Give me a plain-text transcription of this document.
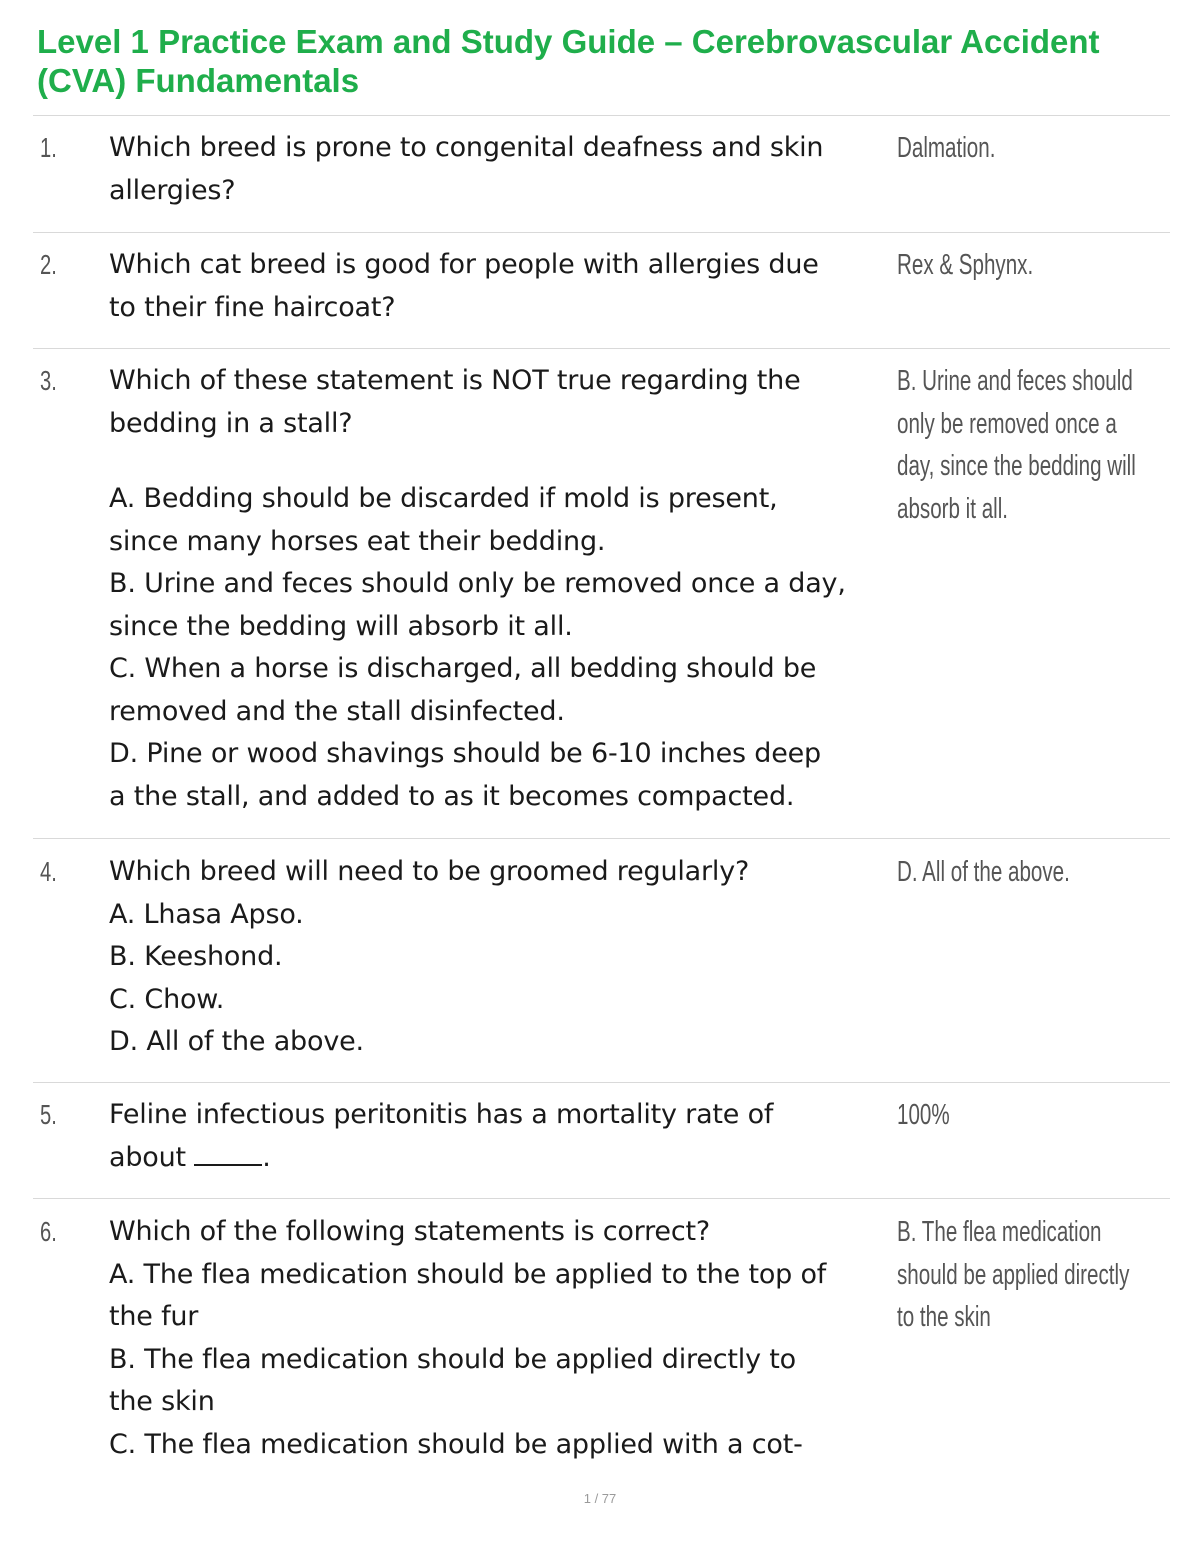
Level 1 Practice Exam and Study Guide – Cerebrovascular Accident (CVA) Fundamentals
1. Which breed is prone to congenital deafness and skin
allergies?
Dalmation.
2. Which cat breed is good for people with allergies due
to their fine haircoat?
Rex & Sphynx.
3. Which of these statement is NOT true regarding the
bedding in a stall?
A. Bedding should be discarded if mold is present,
since many horses eat their bedding.
B. Urine and feces should only be removed once a day,
since the bedding will absorb it all.
C. When a horse is discharged, all bedding should be
removed and the stall disinfected.
D. Pine or wood shavings should be 6-10 inches deep
a the stall, and added to as it becomes compacted.
B. Urine and feces should
only be removed once a
day, since the bedding will
absorb it all.
4. Which breed will need to be groomed regularly?
A. Lhasa Apso.
B. Keeshond.
C. Chow.
D. All of the above.
D. All of the above.
5. Feline infectious peritonitis has a mortality rate of
about	.
100%
6. Which of the following statements is correct?
A. The flea medication should be applied to the top of
the fur
B. The flea medication should be applied directly to
the skin
C. The flea medication should be applied with a cot-
B. The flea medication
should be applied directly
to the skin
1 / 77
